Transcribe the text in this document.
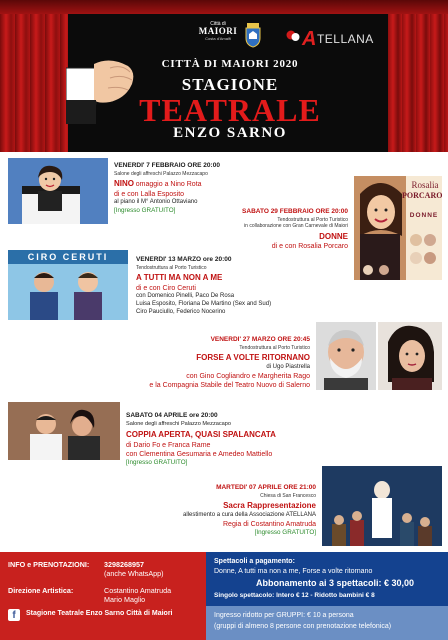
Città di
MAIORI
Costa d'Amalfi	ATELLANA
CITTÀ DI MAIORI 2020
STAGIONE
TEATRALE
ENZO SARNO
VENERDI' 7 FEBBRAIO ORE 20:00
Salone degli affreschi Palazzo Mezzacapo
NINO omaggio a Nino Rota
di e con Lalla Esposito
al piano il M° Antonio Ottaviano
[Ingresso GRATUITO]
Rosalia
PORCARO
DONNE
SABATO 29 FEBBRAIO ORE 20:00
Tendostruttura al Porto Turistico
in collaborazione con Gran Carnevale di Maiori
DONNE
di e con Rosalia Porcaro
CIRO CERUTI	VENERDI' 13 MARZO ore 20:00
Tendostruttura al Porto Turistico
A TUTTI MA NON A ME
di e con Ciro Ceruti
con Domenico Pinelli, Paco De Rosa
Luisa Esposito, Floriana De Martino (Sex and Sud)
Ciro Pauciullo, Federico Nocerino
VENERDI' 27 MARZO ORE 20:45
Tendostruttura al Porto Turistico
FORSE A VOLTE RITORNANO
di Ugo Piastrella
con Gino Cogliandro e Margherita Rago
e la Compagnia Stabile del Teatro Nuovo di Salerno
SABATO 04 APRILE ore 20:00
Salone degli affreschi Palazzo Mezzacapo
COPPIA APERTA, QUASI SPALANCATA
di Dario Fo e Franca Rame
con Clementina Gesumaria e Amedeo Mattiello
[Ingresso GRATUITO]
MARTEDI' 07 APRILE ORE 21:00
Chiesa di San Francesco
Sacra Rappresentazione
allestimento a cura della Associazione ATELLANA
Regia di Costantino Amatruda
[Ingresso GRATUITO]
INFO e PRENOTAZIONI: 3298268957
(anche WhatsApp)
Direzione Artistica:	Costantino Amatruda
Mario Maglio
f	Stagione Teatrale Enzo Sarno Città di Maiori
Spettacoli a pagamento:
Donne, A tutti ma non a me, Forse a volte ritornano
Abbonamento ai 3 spettacoli: € 30,00
Singolo spettacolo: Intero € 12 - Ridotto bambini € 8
Ingresso ridotto per GRUPPI: € 10 a persona
(gruppi di almeno 8 persone con prenotazione telefonica)
